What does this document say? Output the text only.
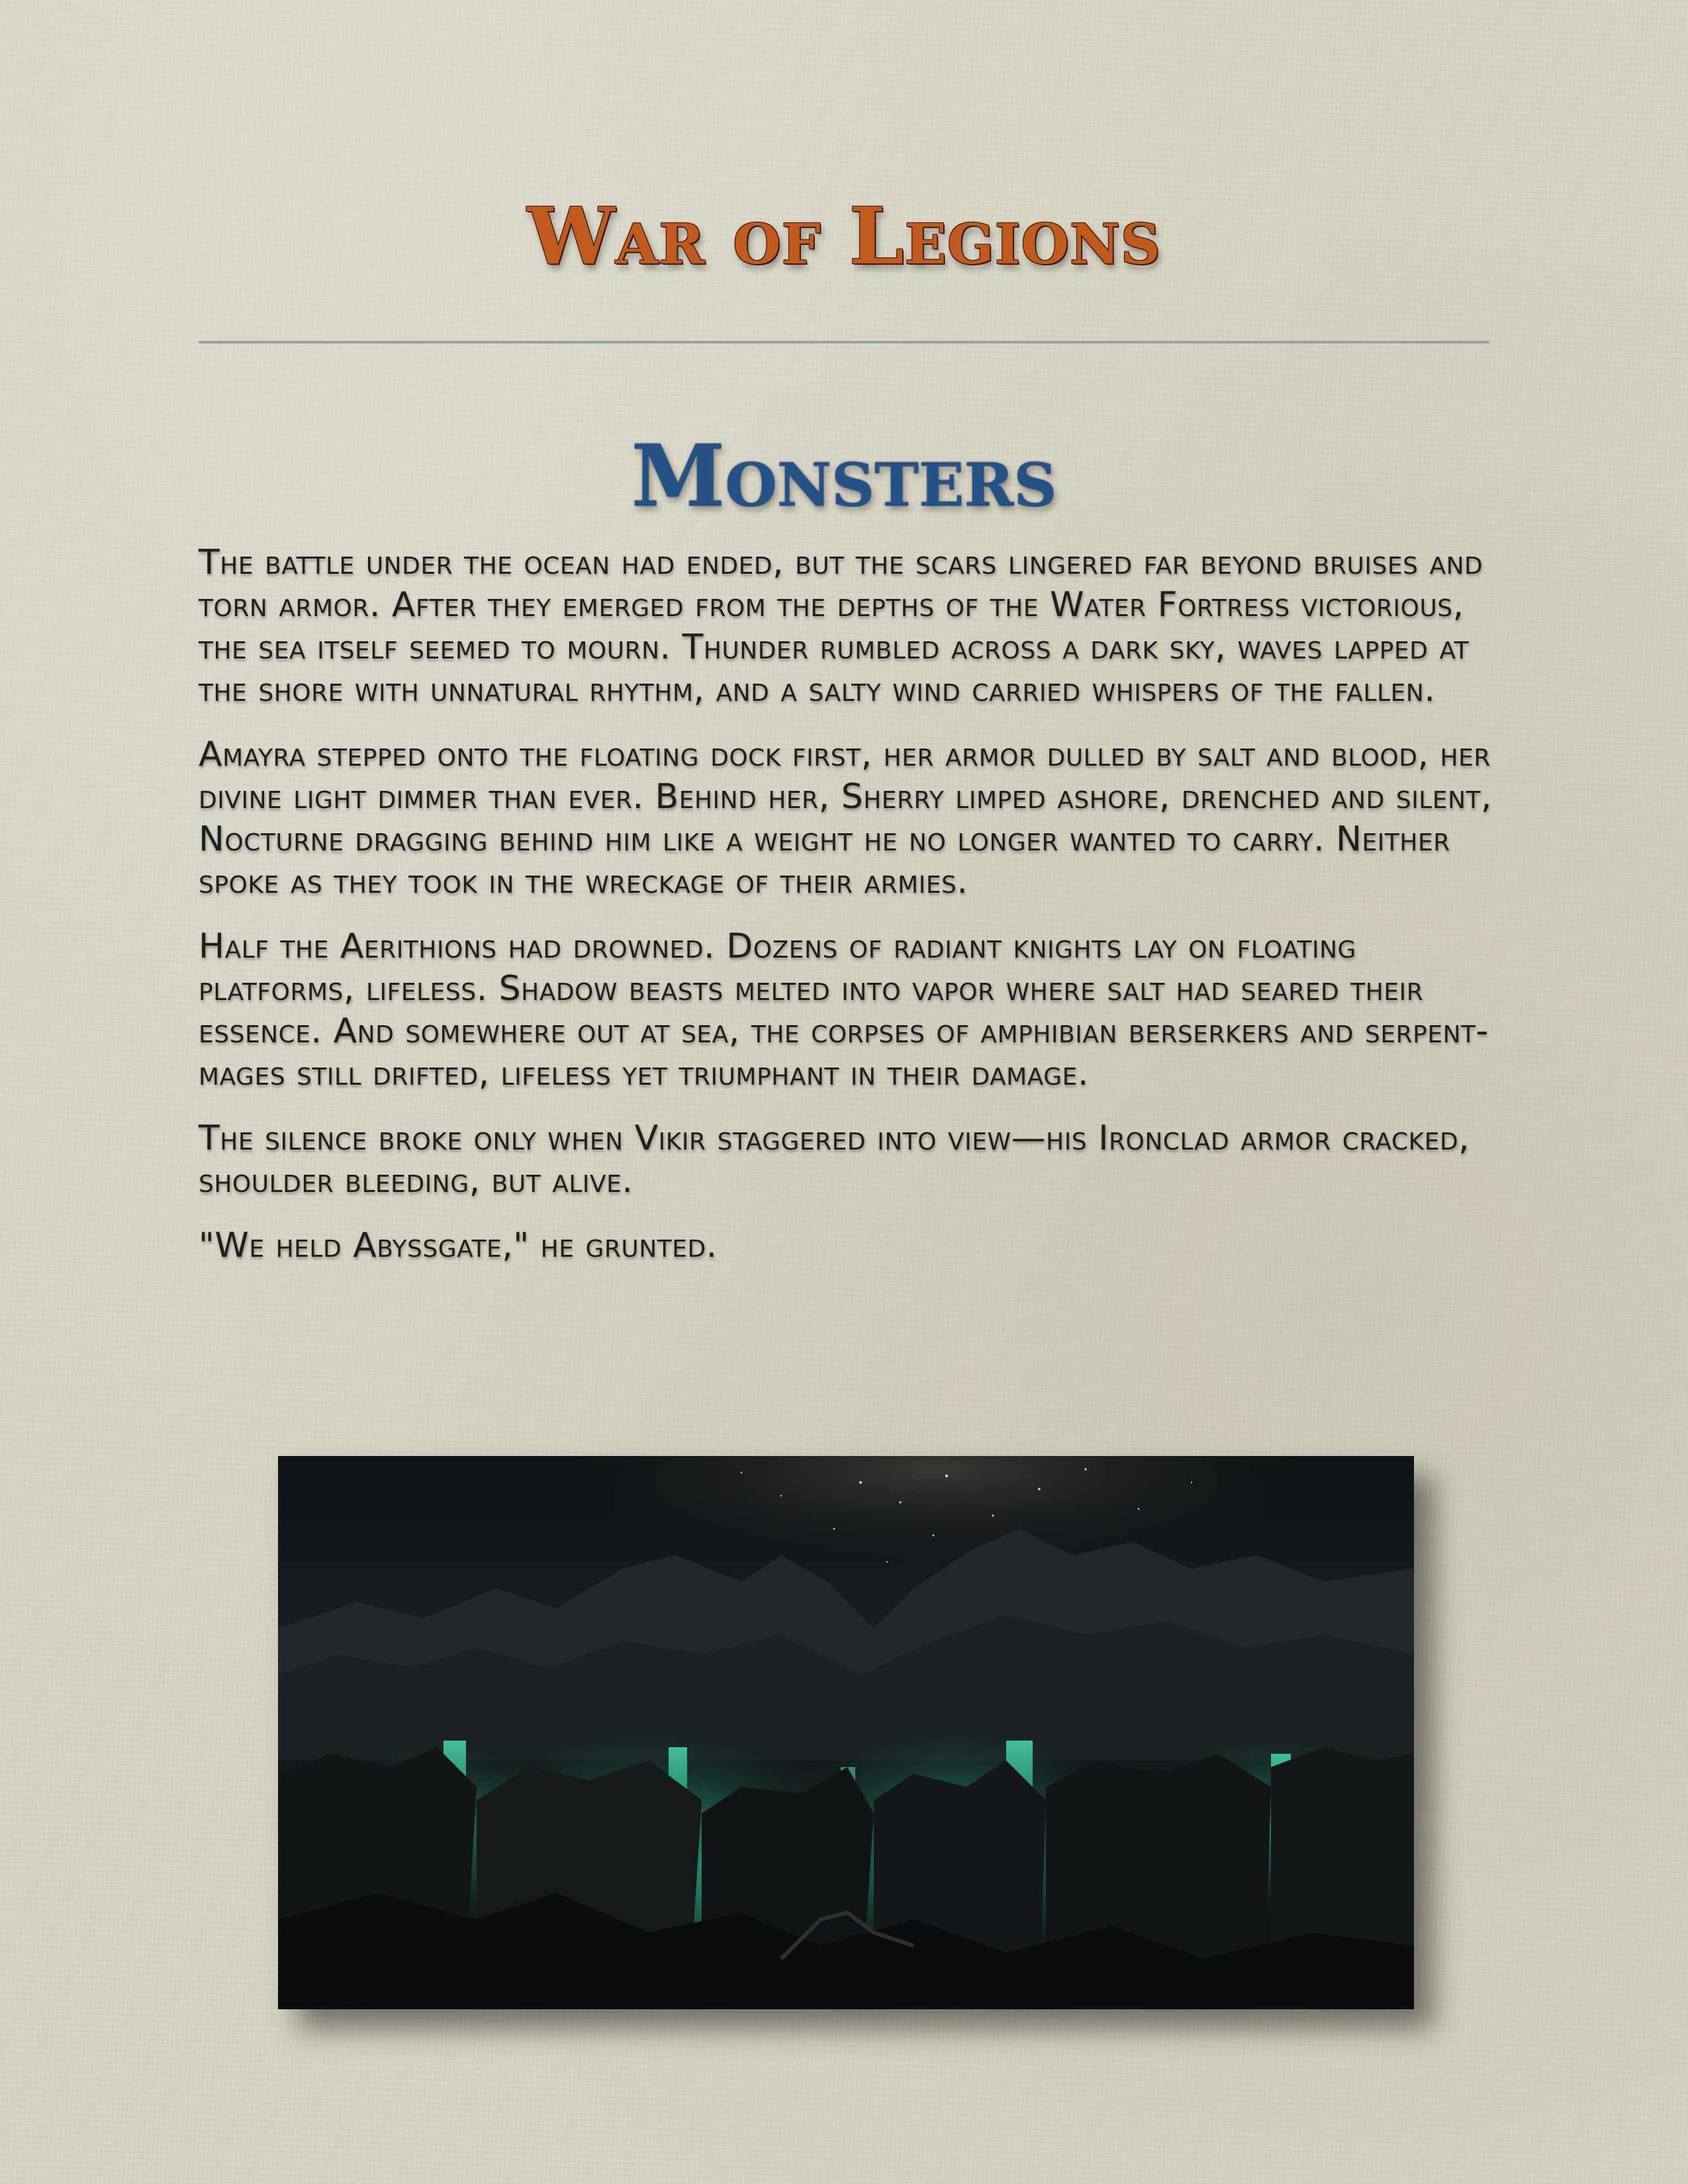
War of Legions
Monsters

The battle under the ocean had ended, but the scars lingered far beyond bruises and torn armor. After they emerged from the depths of the Water Fortress victorious, the sea itself seemed to mourn. Thunder rumbled across a dark sky, waves lapped at the shore with unnatural rhythm, and a salty wind carried whispers of the fallen.

Amayra stepped onto the floating dock first, her armor dulled by salt and blood, her divine light dimmer than ever. Behind her, Sherry limped ashore, drenched and silent, Nocturne dragging behind him like a weight he no longer wanted to carry. Neither spoke as they took in the wreckage of their armies.

Half the Aerithions had drowned. Dozens of radiant knights lay on floating platforms, lifeless. Shadow beasts melted into vapor where salt had seared their essence. And somewhere out at sea, the corpses of amphibian berserkers and serpent-mages still drifted, lifeless yet triumphant in their damage.

The silence broke only when Vikir staggered into view—his Ironclad armor cracked, shoulder bleeding, but alive.

"We held Abyssgate," he grunted.
